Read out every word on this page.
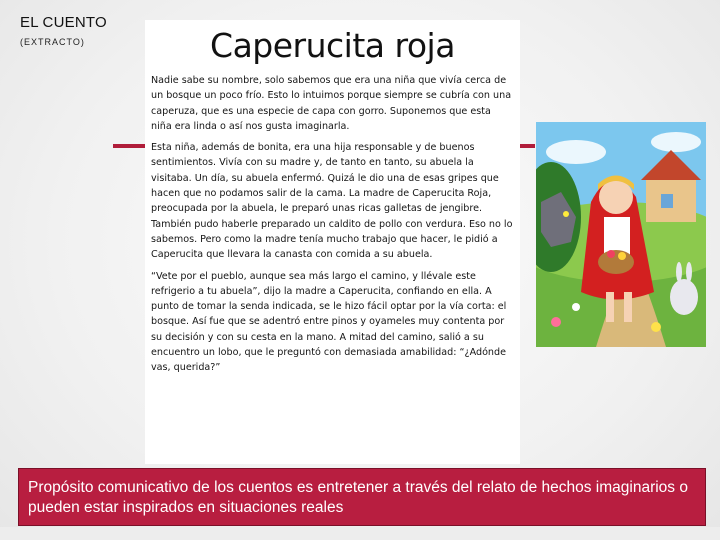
EL CUENTO
(EXTRACTO)	Caperucita roja

Nadie sabe su nombre, solo sabemos que era una niña que vivía cerca de un bosque un poco frío. Esto lo intuimos porque siempre se cubría con una caperuza, que es una especie de capa con gorro. Suponemos que esta niña era linda o así nos gusta imaginarla.

Esta niña, además de bonita, era una hija responsable y de buenos sentimientos. Vivía con su madre y, de tanto en tanto, su abuela la visitaba. Un día, su abuela enfermó. Quizá le dio una de esas gripes que hacen que no podamos salir de la cama. La madre de Caperucita Roja, preocupada por la abuela, le preparó unas ricas galletas de jengibre. También pudo haberle preparado un caldito de pollo con verdura. Eso no lo sabemos. Pero como la madre tenía mucho trabajo que hacer, le pidió a Caperucita que llevara la canasta con comida a su abuela.

“Vete por el pueblo, aunque sea más largo el camino, y llévale este refrigerio a tu abuela”, dijo la madre a Caperucita, confiando en ella. A punto de tomar la senda indicada, se le hizo fácil optar por la vía corta: el bosque. Así fue que se adentró entre pinos y oyameles muy contenta por su decisión y con su cesta en la mano. A mitad del camino, salió a su encuentro un lobo, que le preguntó con demasiada amabilidad: “¿Adónde vas, querida?”

Propósito comunicativo de los cuentos es entretener a través del relato de hechos imaginarios o pueden estar inspirados en situaciones reales
